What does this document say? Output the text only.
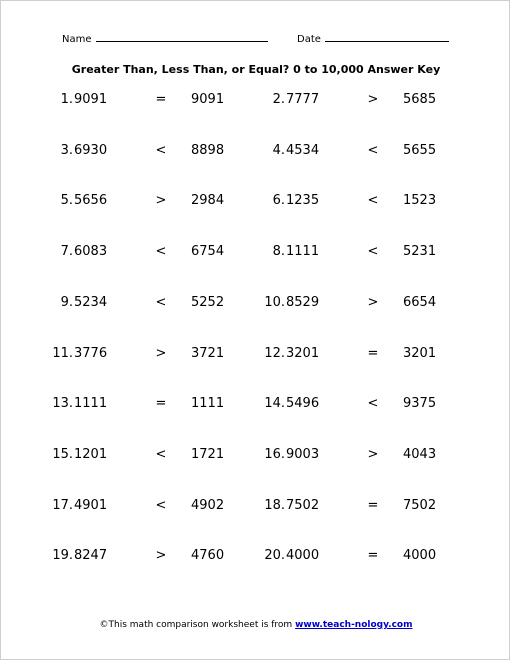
Name	Date
Greater Than, Less Than, or Equal? 0 to 10,000 Answer Key
1. 9091	=	9091	2. 7777	>	5685
3. 6930	<	8898	4. 4534	<	5655
5. 5656	>	2984	6. 1235	<	1523
7. 6083	<	6754	8. 1111	<	5231
9. 5234	<	5252	10. 8529	>	6654
11. 3776	>	3721	12. 3201	=	3201
13. 1111	=	1111	14. 5496	<	9375
15. 1201	<	1721	16. 9003	>	4043
17. 4901	<	4902	18. 7502	=	7502
19. 8247	>	4760	20. 4000	=	4000
©This math comparison worksheet is from www.teach-nology.com
